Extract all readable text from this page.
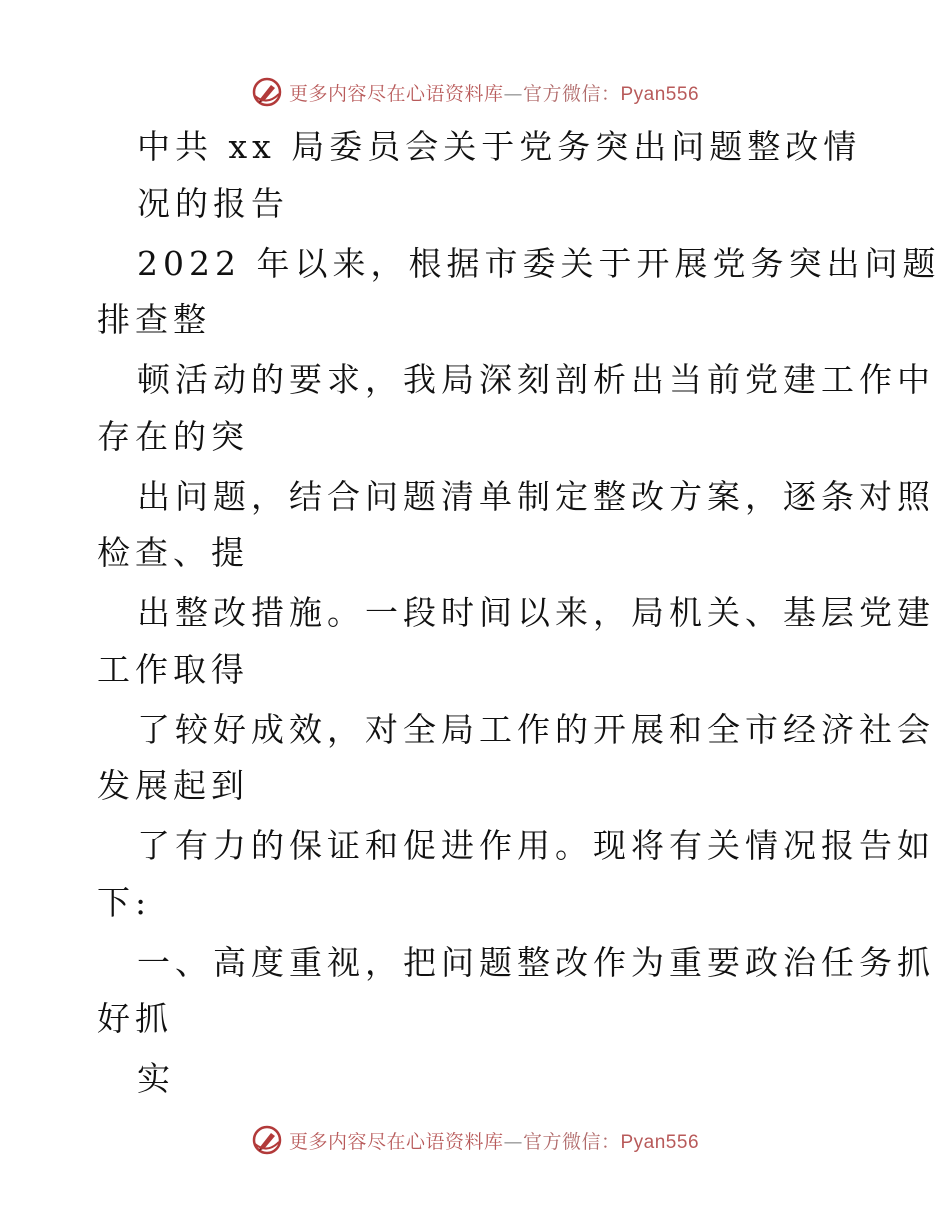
更多内容尽在心语资料库—官方微信：Pyan556
中共 xx 局委员会关于党务突出问题整改情
况的报告
2022 年以来，根据市委关于开展党务突出问题
排查整
顿活动的要求，我局深刻剖析出当前党建工作中
存在的突
出问题，结合问题清单制定整改方案，逐条对照
检查、提
出整改措施。一段时间以来，局机关、基层党建
工作取得
了较好成效，对全局工作的开展和全市经济社会
发展起到
了有力的保证和促进作用。现将有关情况报告如
下:
一、高度重视，把问题整改作为重要政治任务抓
好抓
实
更多内容尽在心语资料库—官方微信：Pyan556
